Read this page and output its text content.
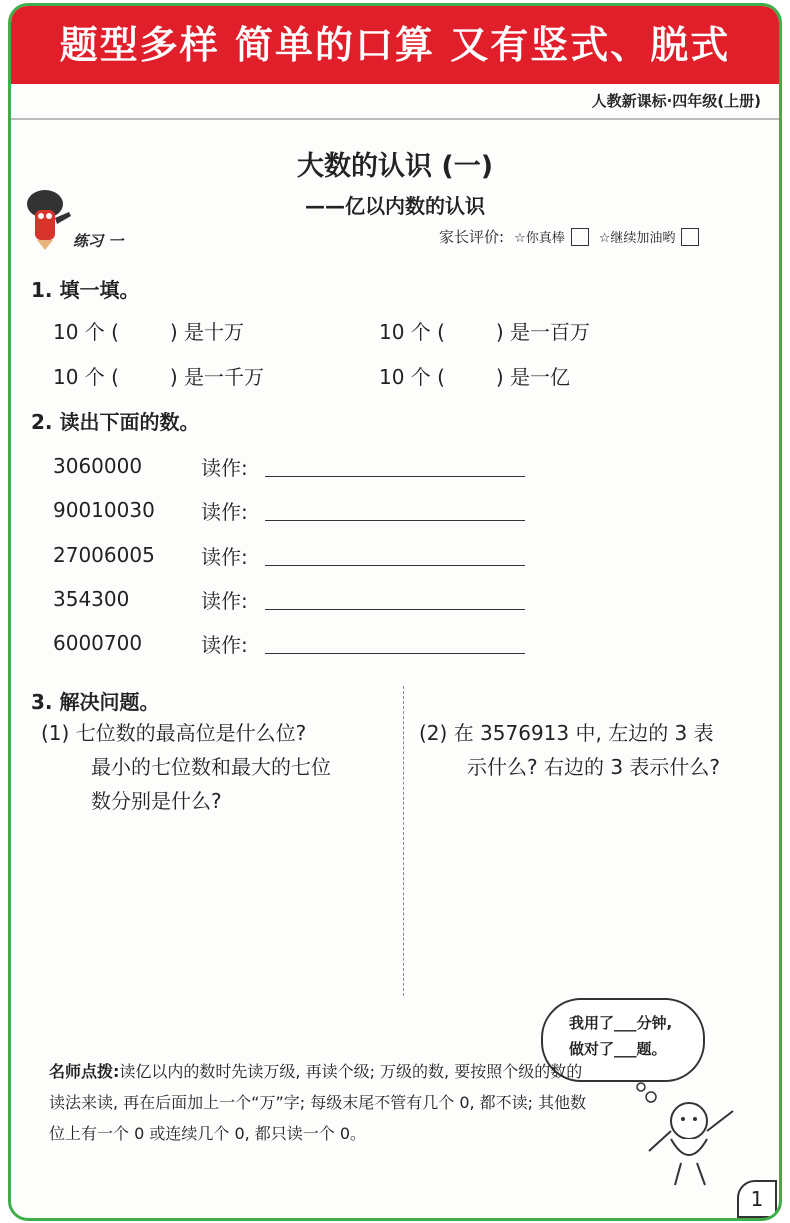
题型多样 简单的口算 又有竖式、脱式
人教新课标·四年级(上册)
大数的认识 (一)
——亿以内数的认识
练习 一	家长评价: ☆你真棒	☆继续加油哟
1. 填一填。
10 个 (        ) 是十万	10 个 (        ) 是一百万
10 个 (        ) 是一千万	10 个 (        ) 是一亿
2. 读出下面的数。
3060000	读作:
90010030 读作:
27006005 读作:
354300	读作:
6000700	读作:
3. 解决问题。
(1) 七位数的最高位是什么位?
最小的七位数和最大的七位
数分别是什么?
(2) 在 3576913 中, 左边的 3 表
示什么? 右边的 3 表示什么?
我用了___分钟,
做对了___题。
名师点拨:读亿以内的数时先读万级, 再读个级; 万级的数, 要按照个级的数的读法来读, 再在后面加上一个“万”字; 每级末尾不管有几个 0, 都不读; 其他数位上有一个 0 或连续几个 0, 都只读一个 0。
1
